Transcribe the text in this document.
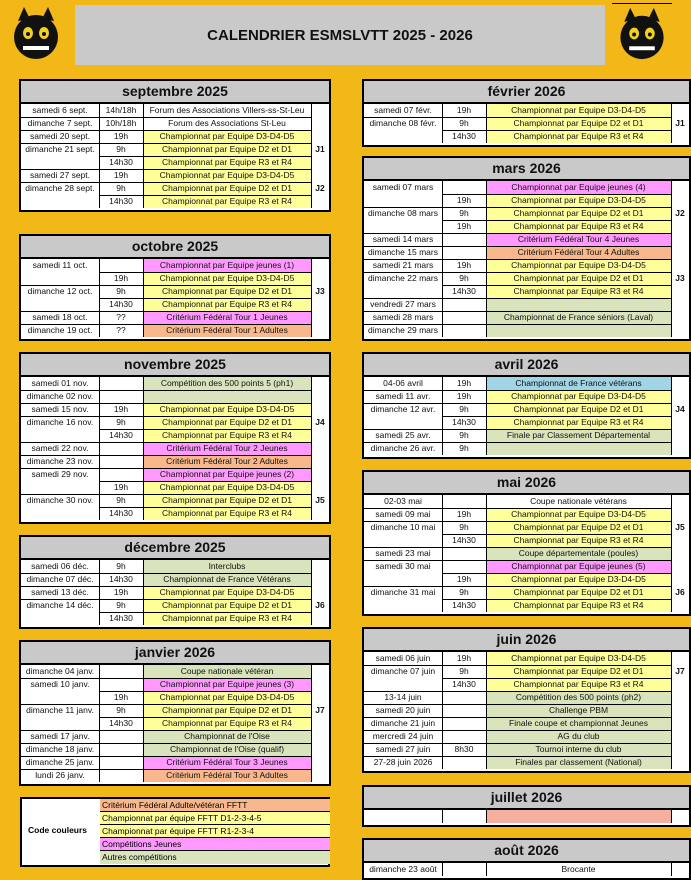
CALENDRIER ESMSLVTT 2025 - 2026
septembre 2025
samedi 6 sept.	14h/18h	Forum des Associations Villers-ss-St-Leu
dimanche 7 sept.	10h/18h	Forum des Associations St-Leu
samedi 20 sept.	19h	Championnat par Equipe D3-D4-D5
dimanche 21 sept.	9h	Championnat par Equipe D2 et D1	J1
14h30	Championnat par Equipe R3 et R4
samedi 27 sept.	19h	Championnat par Equipe D3-D4-D5
dimanche 28 sept.	9h	Championnat par Equipe D2 et D1	J2
14h30	Championnat par Equipe R3 et R4
octobre 2025
samedi 11 oct.	Championnat par Equipe jeunes (1)
19h	Championnat par Equipe D3-D4-D5
dimanche 12 oct.	9h	Championnat par Equipe D2 et D1	J3
14h30	Championnat par Equipe R3 et R4
samedi 18 oct.	??	Critérium Fédéral Tour 1 Jeunes
dimanche 19 oct.	??	Critérium Fédéral Tour 1 Adultes
novembre 2025
samedi 01 nov.	Compétition des 500 points 5 (ph1)
dimanche 02 nov.
samedi 15 nov.	19h	Championnat par Equipe D3-D4-D5
dimanche 16 nov.	9h	Championnat par Equipe D2 et D1	J4
14h30	Championnat par Equipe R3 et R4
samedi 22 nov.	Critérium Fédéral Tour 2 Jeunes
dimanche 23 nov.	Critérium Fédéral Tour 2 Adultes
samedi 29 nov.	Championnat par Equipe jeunes (2)
19h	Championnat par Equipe D3-D4-D5
dimanche 30 nov.	9h	Championnat par Equipe D2 et D1	J5
14h30	Championnat par Equipe R3 et R4
décembre 2025
samedi 06 déc.	9h	Interclubs
dimanche 07 déc.	14h30	Championnat de France Vétérans
samedi 13 déc.	19h	Championnat par Equipe D3-D4-D5
dimanche 14 déc.	9h	Championnat par Equipe D2 et D1	J6
14h30	Championnat par Equipe R3 et R4
janvier 2026
dimanche 04 janv.	Coupe nationale vétéran
samedi 10 janv.	Championnat par Equipe jeunes (3)
19h	Championnat par Equipe D3-D4-D5
dimanche 11 janv.	9h	Championnat par Equipe D2 et D1	J7
14h30	Championnat par Equipe R3 et R4
samedi 17 janv.	Championnat de l'Oise
dimanche 18 janv.	Championnat de l'Oise (qualif)
dimanche 25 janv.	Critérium Fédéral Tour 3 Jeunes
lundi 26 janv.	Critérium Fédéral Tour 3 Adultes
février 2026
samedi 07 févr.	19h	Championnat par Equipe D3-D4-D5
dimanche 08 févr.	9h	Championnat par Equipe D2 et D1	J1
14h30	Championnat par Equipe R3 et R4
mars 2026
samedi 07 mars	Championnat par Equipe jeunes (4)
19h	Championnat par Equipe D3-D4-D5
dimanche 08 mars	9h	Championnat par Equipe D2 et D1	J2
19h	Championnat par Equipe R3 et R4
samedi 14 mars	Critérium Fédéral Tour 4 Jeunes
dimanche 15 mars	Critérium Fédéral Tour 4 Adultes
samedi 21 mars	19h	Championnat par Equipe D3-D4-D5
dimanche 22 mars	9h	Championnat par Equipe D2 et D1	J3
14h30	Championnat par Equipe R3 et R4
vendredi 27 mars
samedi 28 mars	Championnat de France séniors (Laval)
dimanche 29 mars
avril 2026
04-06 avril	19h	Championnat de France vétérans
samedi 11 avr.	19h	Championnat par Equipe D3-D4-D5
dimanche 12 avr.	9h	Championnat par Equipe D2 et D1	J4
14h30	Championnat par Equipe R3 et R4
samedi 25 avr.	9h	Finale par Classement Départemental
dimanche 26 avr.	9h
mai 2026
02-03 mai	Coupe nationale vétérans
samedi 09 mai	19h	Championnat par Equipe D3-D4-D5
dimanche 10 mai	9h	Championnat par Equipe D2 et D1	J5
14h30	Championnat par Equipe R3 et R4
samedi 23 mai	Coupe départementale (poules)
samedi 30 mai	Championnat par Equipe jeunes (5)
19h	Championnat par Equipe D3-D4-D5
dimanche 31 mai	9h	Championnat par Equipe D2 et D1	J6
14h30	Championnat par Equipe R3 et R4
juin 2026
samedi 06 juin	19h	Championnat par Equipe D3-D4-D5
dimanche 07 juin	9h	Championnat par Equipe D2 et D1	J7
14h30	Championnat par Equipe R3 et R4
13-14 juin	Compétition des 500 points (ph2)
samedi 20 juin	Challenge PBM
dimanche 21 juin	Finale coupe et championnat Jeunes
mercredi 24 juin	AG du club
samedi 27 juin	8h30	Tournoi interne du club
27-28 juin 2026	Finales par classement (National)
juillet 2026
août 2026
dimanche 23 août	Brocante
Code couleurs
Critérium Fédéral Adulte/vétéran FFTT
Championnat par équipe FFTT D1-2-3-4-5
Championnat par équipe FFTT R1-2-3-4
Compétitions Jeunes
Autres compétitions
